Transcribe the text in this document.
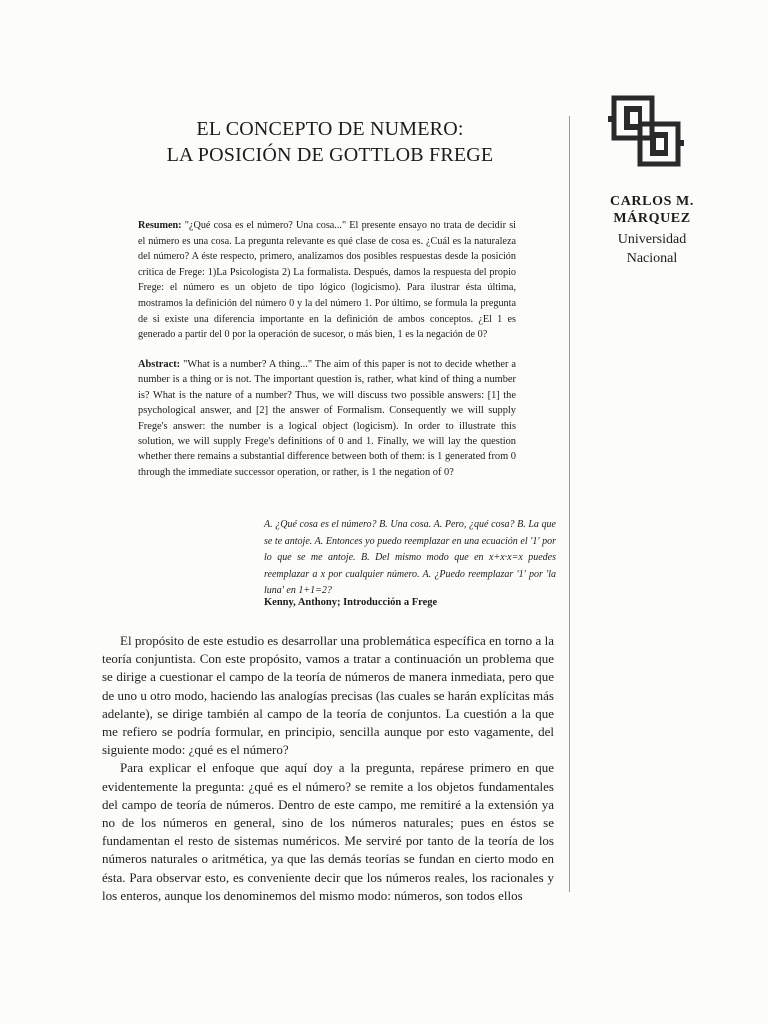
EL CONCEPTO DE NUMERO:
LA POSICIÓN DE GOTTLOB FREGE
CARLOS M.
MÁRQUEZ
Universidad
Nacional
Resumen: "¿Qué cosa es el número? Una cosa..." El presente ensayo no trata de decidir si el número es una cosa. La pregunta relevante es qué clase de cosa es. ¿Cuál es la naturaleza del número? A éste respecto, primero, analizamos dos posibles respuestas desde la posición crítica de Frege: 1)La Psicologista 2) La formalista. Después, damos la respuesta del propio Frege: el número es un objeto de tipo lógico (logicismo). Para ilustrar ésta última, mostramos la definición del número 0 y la del número 1. Por último, se formula la pregunta de si existe una diferencia importante en la definición de ambos conceptos. ¿El 1 es generado a partir del 0 por la operación de sucesor, o más bien, 1 es la negación de 0?
Abstract: "What is a number? A thing..." The aim of this paper is not to decide whether a number is a thing or is not. The important question is, rather, what kind of thing a number is? What is the nature of a number? Thus, we will discuss two possible answers: [1] the psychological answer, and [2] the answer of Formalism. Consequently we will supply Frege's answer: the number is a logical object (logicism). In order to illustrate this solution, we will supply Frege's definitions of 0 and 1. Finally, we will lay the question whether there remains a substantial difference between both of them: is 1 generated from 0 through the immediate successor operation, or rather, is 1 the negation of 0?
A. ¿Qué cosa es el número? B. Una cosa. A. Pero, ¿qué cosa? B. La que se te antoje. A. Entonces yo puedo reemplazar en una ecuación el '1' por lo que se me antoje. B. Del mismo modo que en x+x·x=x puedes reemplazar a x por cualquier número. A. ¿Puedo reemplazar '1' por 'la luna' en 1+1=2?
Kenny, Anthony; Introducción a Frege

El propósito de este estudio es desarrollar una problemática específica en torno a la teoría conjuntista. Con este propósito, vamos a tratar a continuación un problema que se dirige a cuestionar el campo de la teoría de números de manera inmediata, pero que de uno u otro modo, haciendo las analogías precisas (las cuales se harán explícitas más adelante), se dirige también al campo de la teoría de conjuntos. La cuestión a la que me refiero se podría formular, en principio, sencilla aunque por esto vagamente, del siguiente modo: ¿qué es el número?

Para explicar el enfoque que aquí doy a la pregunta, repárese primero en que evidentemente la pregunta: ¿qué es el número? se remite a los objetos fundamentales del campo de teoría de números. Dentro de este campo, me remitiré a la extensión ya no de los números en general, sino de los números naturales; pues en éstos se fundamentan el resto de sistemas numéricos. Me serviré por tanto de la teoría de los números naturales o aritmética, ya que las demás teorías se fundan en cierto modo en ésta. Para observar esto, es conveniente decir que los números reales, los racionales y los enteros, aunque los denominemos del mismo modo: números, son todos ellos
